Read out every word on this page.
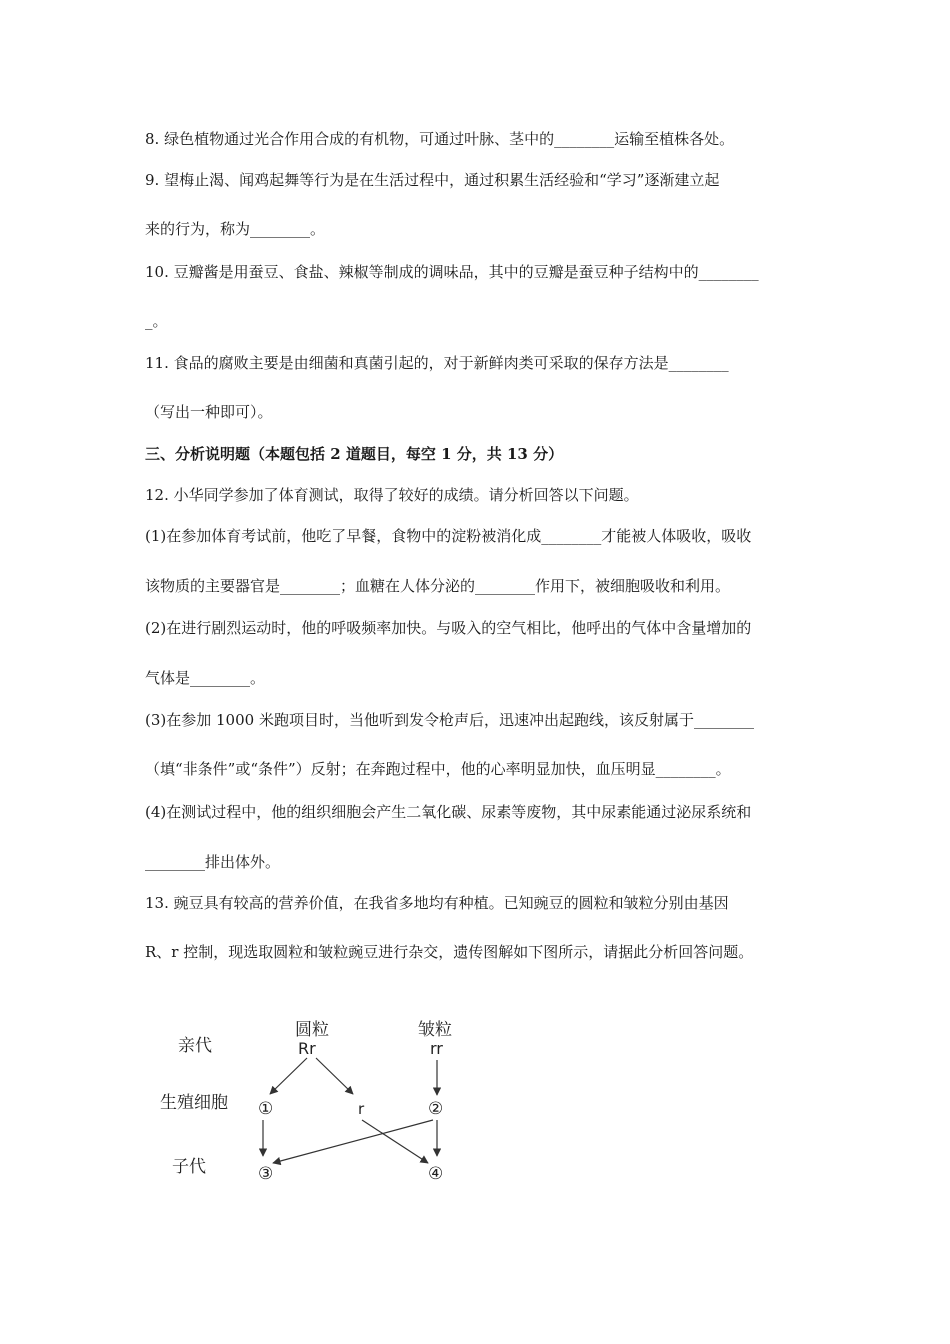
8. 绿色植物通过光合作用合成的有机物，可通过叶脉、茎中的________运输至植株各处。
9. 望梅止渴、闻鸡起舞等行为是在生活过程中，通过积累生活经验和“学习”逐渐建立起
来的行为，称为________。
10. 豆瓣酱是用蚕豆、食盐、辣椒等制成的调味品，其中的豆瓣是蚕豆种子结构中的________
_。
11. 食品的腐败主要是由细菌和真菌引起的，对于新鲜肉类可采取的保存方法是________
（写出一种即可）。
三、分析说明题（本题包括 2 道题目，每空 1 分，共 13 分）
12. 小华同学参加了体育测试，取得了较好的成绩。请分析回答以下问题。
(1)在参加体育考试前，他吃了早餐，食物中的淀粉被消化成________才能被人体吸收，吸收
该物质的主要器官是________；血糖在人体分泌的________作用下，被细胞吸收和利用。
(2)在进行剧烈运动时，他的呼吸频率加快。与吸入的空气相比，他呼出的气体中含量增加的
气体是________。
(3)在参加 1000 米跑项目时，当他听到发令枪声后，迅速冲出起跑线，该反射属于________
（填“非条件”或“条件”）反射；在奔跑过程中，他的心率明显加快，血压明显________。
(4)在测试过程中，他的组织细胞会产生二氧化碳、尿素等废物，其中尿素能通过泌尿系统和
________排出体外。
13. 豌豆具有较高的营养价值，在我省多地均有种植。已知豌豆的圆粒和皱粒分别由基因
R、r 控制，现选取圆粒和皱粒豌豆进行杂交，遗传图解如下图所示，请据此分析回答问题。
亲代
生殖细胞
子代
圆粒
Rr
皱粒
rr
①	r	②
③	④
